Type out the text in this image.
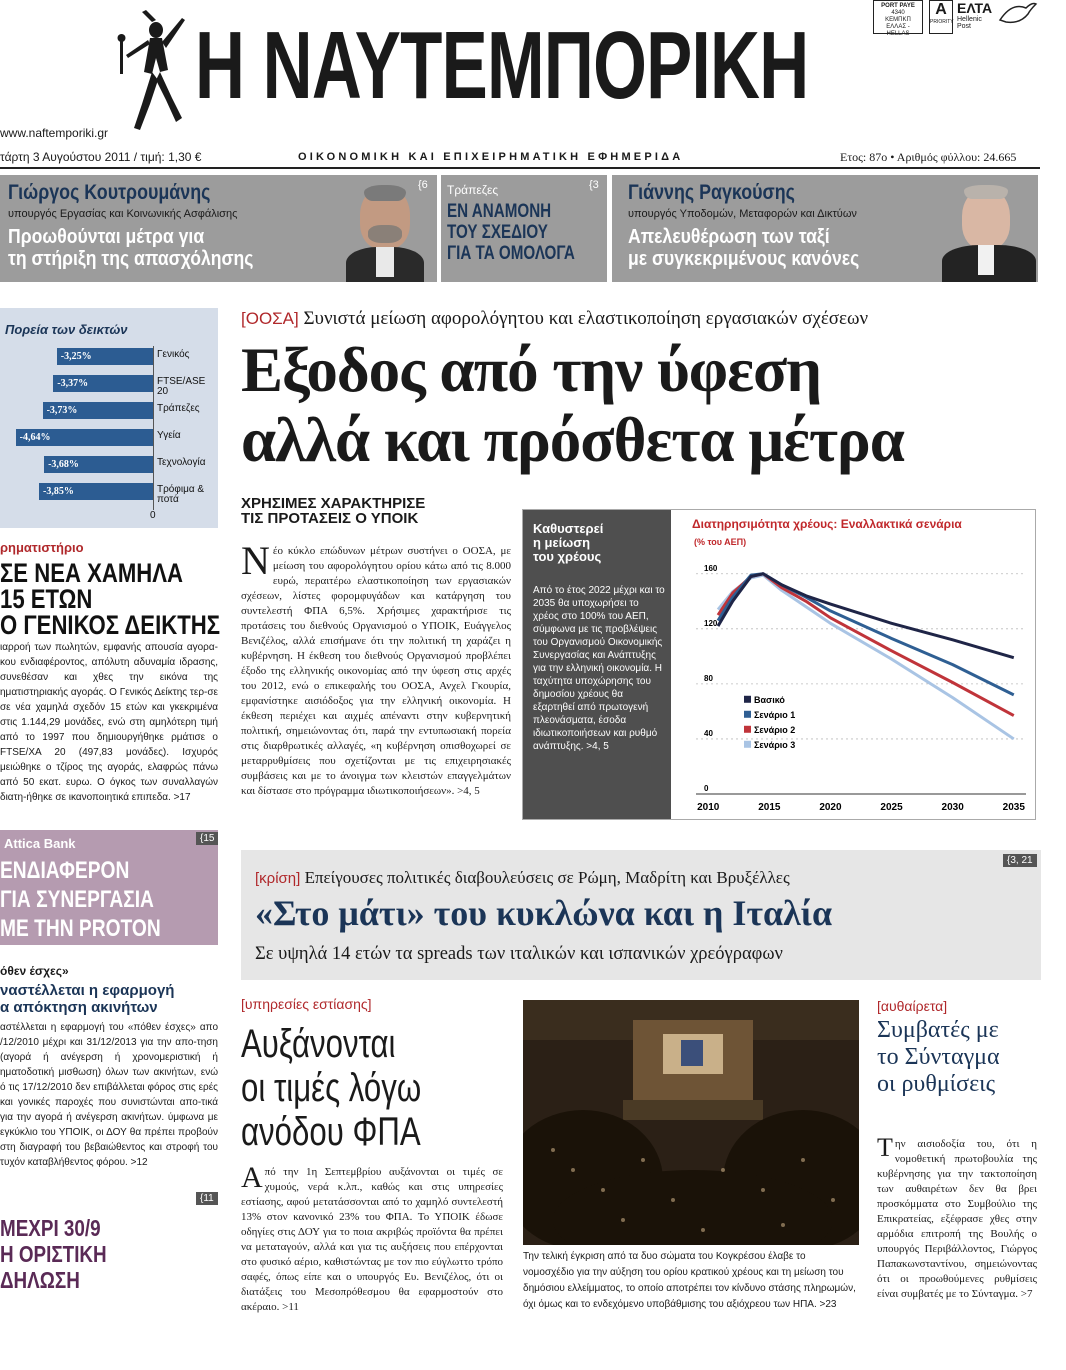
Η ΝΑΥΤΕΜΠΟΡΙΚΗ
www.naftemporiki.gr
PORT PAYE
4340
ΚΕΜΠΚΠ
ΕΛΛΑΣ - HELLAS
A
PRIORITY
ΕΛΤΑ
Hellenic Post
τάρτη 3 Αυγούστου 2011 / τιμή: 1,30 €	ΟΙΚΟΝΟΜΙΚΗ ΚΑΙ ΕΠΙΧΕΙΡΗΜΑΤΙΚΗ ΕΦΗΜΕΡΙΔΑ	Ετος: 87ο • Αριθμός φύλλου: 24.665
Γιώργος Κουτρουμάνης
υπουργός Εργασίας και Κοινωνικής Ασφάλισης
Προωθούνται μέτρα για
τη στήριξη της απασχόλησης
{6 Τράπεζες	{3
ΕΝ ΑΝΑΜΟΝΗ
ΤΟΥ ΣΧΕΔΙΟΥ
ΓΙΑ ΤΑ ΟΜΟΛΟΓΑ
Γιάννης Ραγκούσης
υπουργός Υποδομών, Μεταφορών και Δικτύων
Απελευθέρωση των ταξί
με συγκεκριμένους κανόνες
Πορεία των δεικτών
0
-3,25%	Γενικός
-3,37%	FTSE/ASE 20
-3,73%	Τράπεζες
-4,64%	Υγεία
-3,68%	Τεχνολογία
-3,85%	Τρόφιμα & ποτά
ρηματιστήριο
ΣΕ ΝΕΑ ΧΑΜΗΛΑ
15 ΕΤΩΝ
Ο ΓΕΝΙΚΟΣ ΔΕΙΚΤΗΣ
ιαρροή των πωλητών, εμφανής απουσία αγορα-κου ενδιαφέροντος, απόλυτη αδυναμία ιδρασης, συνεθέσαν και χθες την εικόνα της ηματιστηριακής αγοράς. Ο Γενικός Δείκτης τερ-σε σε νέα χαμηλά σχεδόν 15 ετών και γκεκριμένα στις 1.144,29 μονάδες, ενώ στη αμηλότερη τιμή από το 1997 που δημιουργήθηκε ρμάτισε ο FTSE/XA 20 (497,83 μονάδες). Ισχυρός μειώθηκε ο τζίρος της αγοράς, ελαφρώς πάνω από 50 εκατ. ευρω. Ο όγκος των συναλλαγών διατη-ήθηκε σε ικανοποιητικά επιπεδα. >17
Attica Bank	{15
ΕΝΔΙΑΦΕΡΟΝ
ΓΙΑ ΣΥΝΕΡΓΑΣΙΑ
ΜΕ ΤΗΝ PROTON
όθεν έσχες»
ναστέλλεται η εφαρμογή
α απόκτηση ακινήτων
αστέλλεται η εφαρμογή του «πόθεν έσχες» απο /12/2010 μέχρι και 31/12/2013 για την απο-τηση (αγορά ή ανέγερση ή χρονομεριστική ή ηματοδοτική μισθωση) όλων των ακινήτων, ενώ ό τις 17/12/2010 δεν επιβάλλεται φόρος στις ερές και γονικές παροχές που συνιστώνται απο-τικά για την αγορά ή ανέγερση ακινήτων. ύμφωνα με εγκύκλιο του ΥΠΟΙΚ, οι ΔΟΥ θα πρέπει προβούν στη διαγραφή του βεβαιώθεντος και στροφή του τυχόν καταβλήθεντος φόρου. >12
{11
ΜΕΧΡΙ 30/9
Η ΟΡΙΣΤΙΚΗ
ΔΗΛΩΣΗ
[ΟΟΣΑ] Συνιστά μείωση αφορολόγητου και ελαστικοποίηση εργασιακών σχέσεων
Εξοδος από την ύφεση
αλλά και πρόσθετα μέτρα
ΧΡΗΣΙΜΕΣ ΧΑΡΑΚΤΗΡΙΣΕ
ΤΙΣ ΠΡΟΤΑΣΕΙΣ Ο ΥΠΟΙΚ
Ν έο κύκλο επώδυνων μέτρων συστήνει ο ΟΟΣΑ, με μείωση του αφορολόγητου ορίου κάτω από τις 8.000 ευρώ, περαιτέρω ελαστικοποίηση των εργασιακών σχέσεων, λίστες φορομφυγάδων και κατάργηση του συντελεστή ΦΠΑ 6,5%. Χρήσιμες χαρακτήρισε τις προτάσεις του διεθνούς Οργανισμού ο ΥΠΟΙΚ, Ευάγγελος Βενιζέλος, αλλά επισήμανε ότι την πολιτική τη χαράζει η κυβέρνηση. Η έκθεση του διεθνούς Οργανισμού προβλέπει έξοδο της ελληνικής οικονομίας από την ύφεση στις αρχές του 2012, ενώ ο επικεφαλής του ΟΟΣΑ, Ανχελ Γκουρία, εμφανίστηκε αισιόδοξος για την ελληνική οικονομία. Η έκθεση περιέχει και αιχμές απέναντι στην κυβερνητική πολιτική, σημειώνοντας ότι, παρά την εντυπωσιακή πορεία στις διαρθρωτικές αλλαγές, «η κυβέρνηση οπισθοχωρεί σε μεταρρυθμίσεις που σχετίζονται με τις επιχειρησιακές συμβάσεις και με το άνοιγμα των κλειστών επαγγελμάτων και δίστασε στο πρόγραμμα ιδιωτικοποιήσεων». >4, 5
Καθυστερεί
η μείωση
του χρέους
Από το έτος 2022 μέχρι και το 2035 θα υποχωρήσει το χρέος στο 100% του ΑΕΠ, σύμφωνα με τις προβλέψεις του Οργανισμού Οικονομικής Συνεργασίας και Ανάπτυξης για την ελληνική οικονομία. Η ταχύτητα υποχώρησης του δημοσίου χρέους θα εξαρτηθεί από πρωτογενή πλεονάσματα, έσοδα ιδιωτικοποιήσεων και ρυθμό ανάπτυξης. >4, 5
Διατηρησιμότητα χρέους: Εναλλακτικά σενάρια
(% του ΑΕΠ)
0
40
80
120
160
Βασικό
Σενάριο 1
Σενάριο 2
Σενάριο 3
2010	2015	2020	2025	2030	2035
{3, 21
[κρίση] Επείγουσες πολιτικές διαβουλεύσεις σε Ρώμη, Μαδρίτη και Βρυξέλλες
«Στο μάτι» του κυκλώνα και η Ιταλία
Σε υψηλά 14 ετών τα spreads των ιταλικών και ισπανικών χρεόγραφων
[υπηρεσίες εστίασης]
Αυξάνονται
οι τιμές λόγω
ανόδου ΦΠΑ
Α πό την 1η Σεπτεμβρίου αυξάνονται οι τιμές σε χυμούς, νερά κ.λπ., καθώς και στις υπηρεσίες εστίασης, αφού μετατάσσονται από το χαμηλό συντελεστή 13% στον κανονικό 23% του ΦΠΑ. Το ΥΠΟΙΚ έδωσε οδηγίες στις ΔΟΥ για το ποια ακριβώς προϊόντα θα πρέπει να μεταταγούν, αλλά και για τις αυξήσεις που επέρχονται στο φυσικό αέριο, καθιστώντας με τον πιο εύγλωττο τρόπο σαφές, όπως είπε και ο υπουργός Ευ. Βενιζέλος, ότι οι διατάξεις του Μεσοπρόθεσμου θα εφαρμοστούν στο ακέραιο. >11
Την τελική έγκριση από τα δυο σώματα του Κογκρέσου έλαβε το νομοσχέδιο για την αύξηση του ορίου κρατικού χρέους και τη μείωση του δημόσιου ελλείμματος, το οποίο αποτρέπει τον κίνδυνο στάσης πληρωμών, όχι όμως και το ενδεχόμενο υποβάθμισης του αξιόχρεου των ΗΠΑ. >23
[αυθαίρετα]
Συμβατές με
το Σύνταγμα
οι ρυθμίσεις
Τ ην αισιοδοξία του, ότι η νομοθετική πρωτοβουλία της κυβέρνησης για την τακτοποίηση των αυθαιρέτων δεν θα βρει προσκόμματα στο Συμβούλιο της Επικρατείας, εξέφρασε χθες στην αρμόδια επιτροπή της Βουλής ο υπουργός Περιβάλλοντος, Γιώργος Παπακωνσταντίνου, σημειώνοντας ότι οι προωθούμενες ρυθμίσεις είναι συμβατές με το Σύνταγμα. >7
